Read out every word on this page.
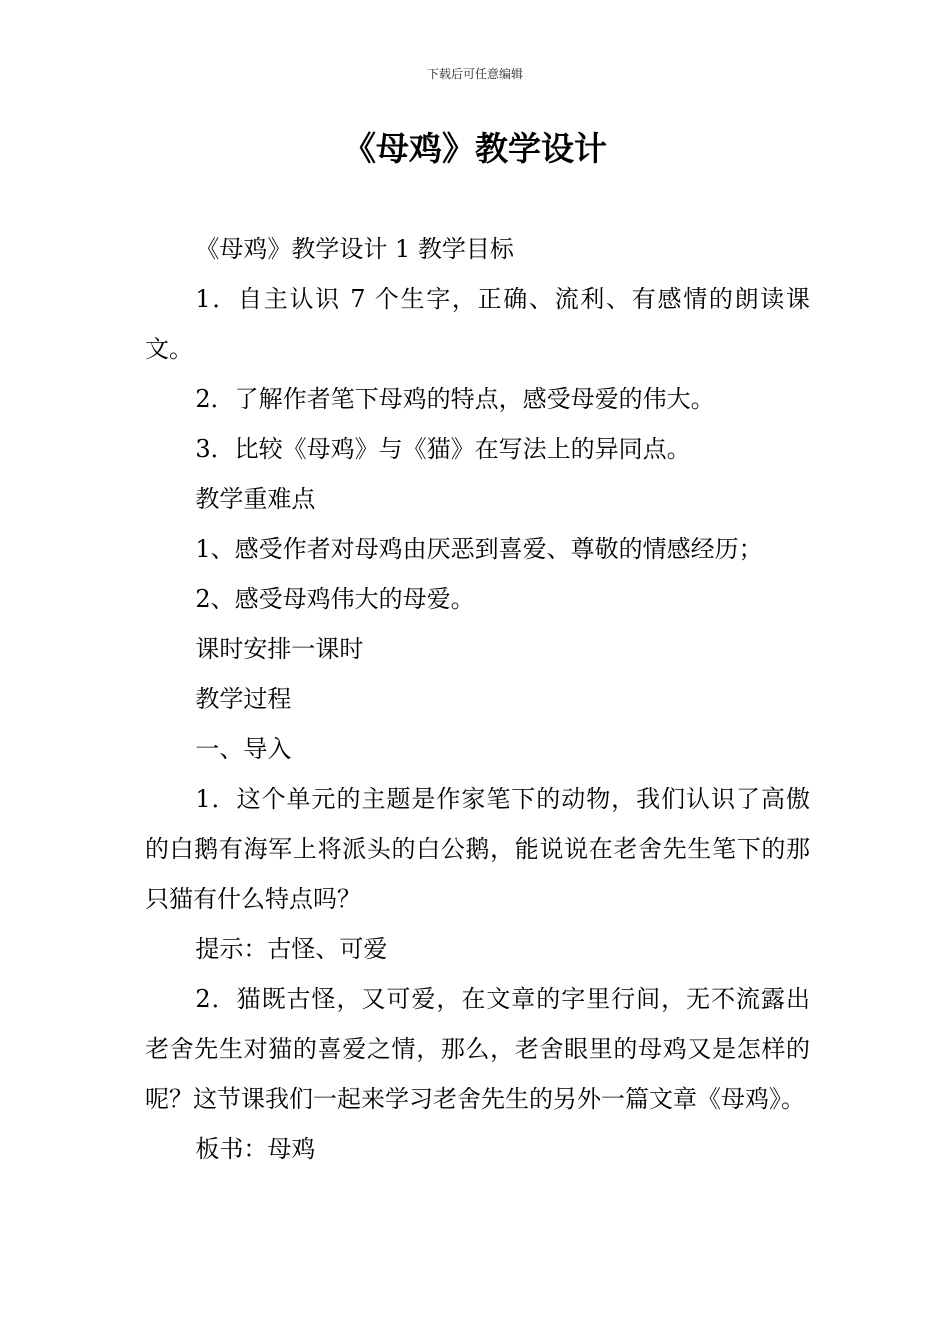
下载后可任意编辑
《母鸡》教学设计

《母鸡》教学设计 1 教学目标

1．自主认识 7 个生字，正确、流利、有感情的朗读课文。

2．了解作者笔下母鸡的特点，感受母爱的伟大。

3．比较《母鸡》与《猫》在写法上的异同点。

教学重难点

1、感受作者对母鸡由厌恶到喜爱、尊敬的情感经历；

2、感受母鸡伟大的母爱。

课时安排一课时

教学过程

一、导入

1．这个单元的主题是作家笔下的动物，我们认识了高傲的白鹅有海军上将派头的白公鹅，能说说在老舍先生笔下的那只猫有什么特点吗？

提示：古怪、可爱

2．猫既古怪，又可爱，在文章的字里行间，无不流露出老舍先生对猫的喜爱之情，那么，老舍眼里的母鸡又是怎样的呢？这节课我们一起来学习老舍先生的另外一篇文章《母鸡》。

板书：母鸡
